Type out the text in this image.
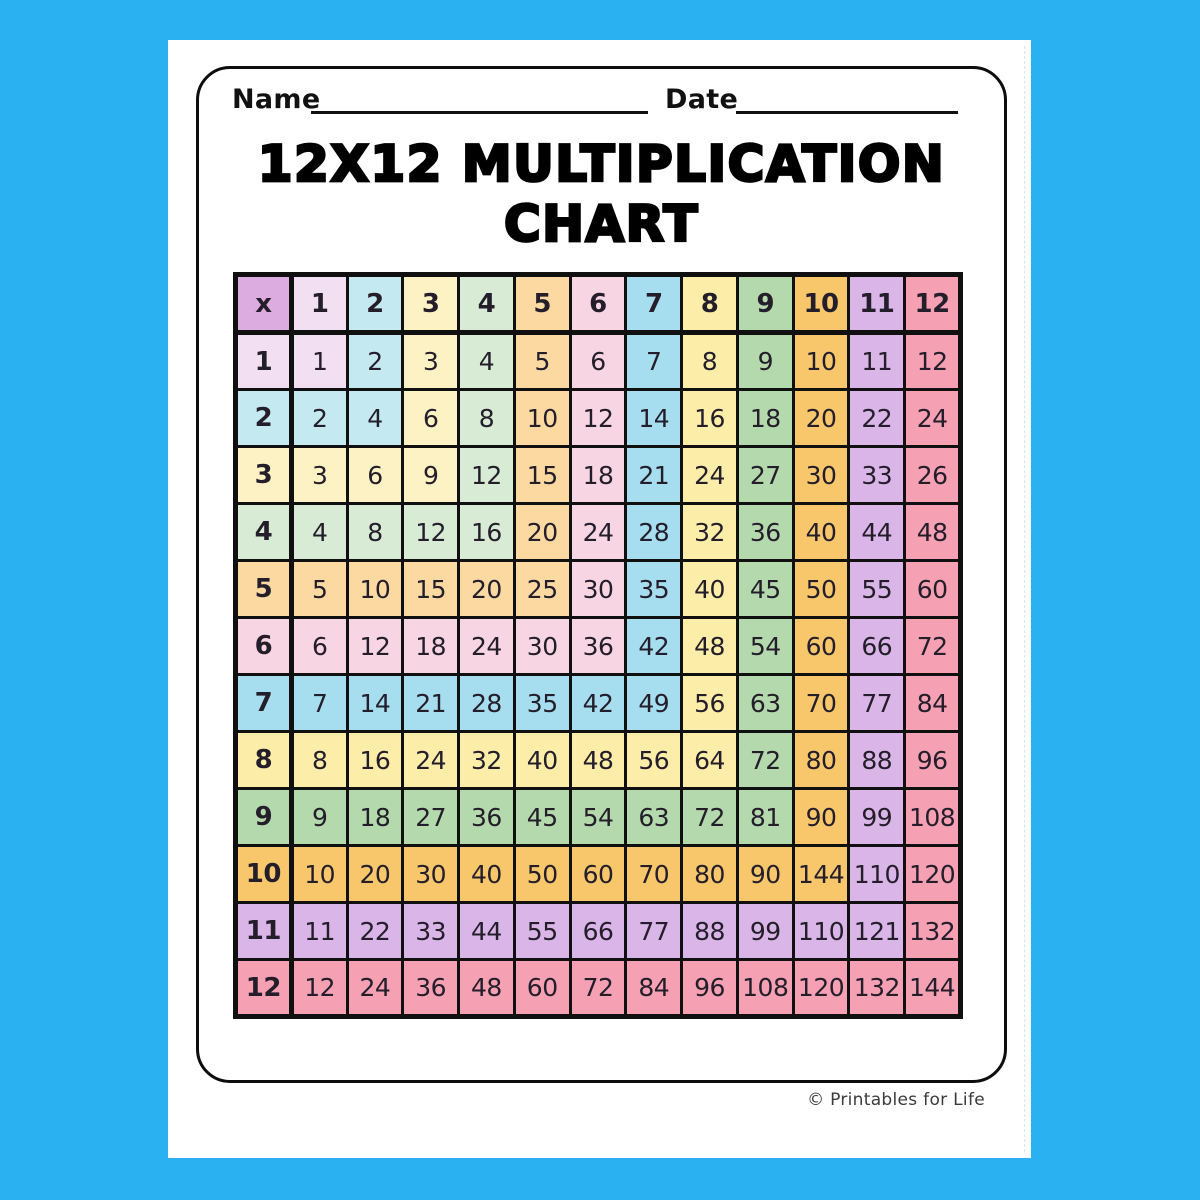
Name	Date
12X12 MULTIPLICATION
CHART
x	1	2	3	4	5	6	7	8	9	10	11	12
1	1	2	3	4	5	6	7	8	9	10	11	12
2	2	4	6	8	10	12	14	16	18	20	22	24
3	3	6	9	12	15	18	21	24	27	30	33	26
4	4	8	12	16	20	24	28	32	36	40	44	48
5	5	10	15	20	25	30	35	40	45	50	55	60
6	6	12	18	24	30	36	42	48	54	60	66	72
7	7	14	21	28	35	42	49	56	63	70	77	84
8	8	16	24	32	40	48	56	64	72	80	88	96
9	9	18	27	36	45	54	63	72	81	90	99	108
10	10	20	30	40	50	60	70	80	90	144	110	120
11	11	22	33	44	55	66	77	88	99	110	121	132
12	12	24	36	48	60	72	84	96	108	120	132	144
© Printables for Life
